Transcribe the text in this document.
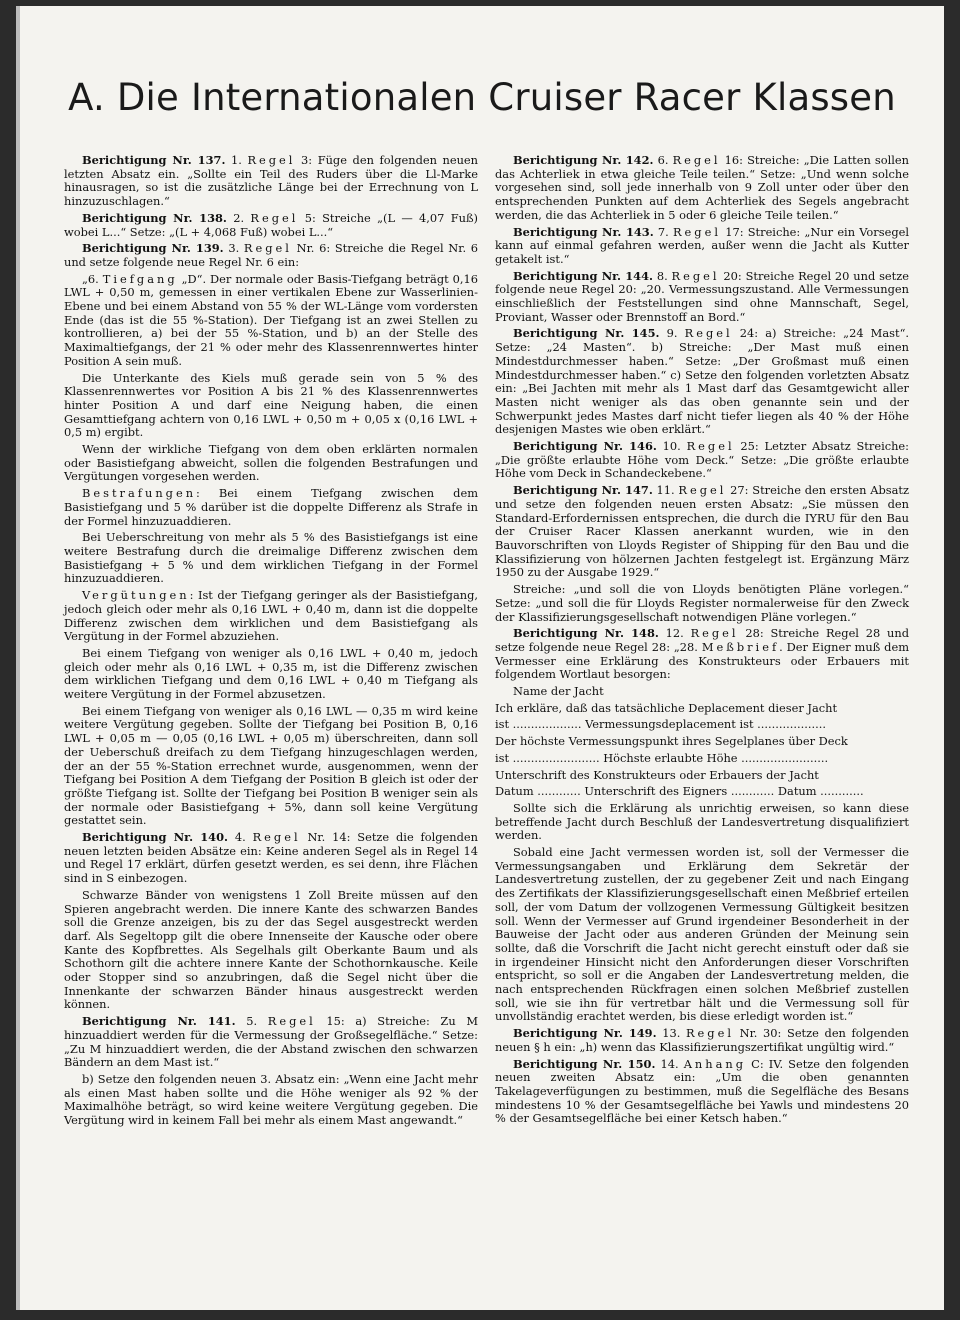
A. Die Internationalen Cruiser Racer Klassen

Berichtigung Nr. 137. 1. Regel 3: Füge den folgenden neuen letzten Absatz ein. „Sollte ein Teil des Ruders über die Ll-Marke hinausragen, so ist die zusätzliche Länge bei der Errechnung von L hinzuzuschlagen.“

Berichtigung Nr. 138. 2. Regel 5: Streiche „(L — 4,07 Fuß) wobei L...“ Setze: „(L + 4,068 Fuß) wobei L...“

Berichtigung Nr. 139. 3. Regel Nr. 6: Streiche die Regel Nr. 6 und setze folgende neue Regel Nr. 6 ein:

„6. Tiefgang „D“. Der normale oder Basis-Tiefgang beträgt 0,16 LWL + 0,50 m, gemessen in einer vertikalen Ebene zur Wasserlinien-Ebene und bei einem Abstand von 55 % der WL-Länge vom vordersten Ende (das ist die 55 %-Station). Der Tiefgang ist an zwei Stellen zu kontrollieren, a) bei der 55 %-Station, und b) an der Stelle des Maximaltiefgangs, der 21 % oder mehr des Klassenrennwertes hinter Position A sein muß.

Die Unterkante des Kiels muß gerade sein von 5 % des Klassenrennwertes vor Position A bis 21 % des Klassenrennwertes hinter Position A und darf eine Neigung haben, die einen Gesamttiefgang achtern von 0,16 LWL + 0,50 m + 0,05 x (0,16 LWL + 0,5 m) ergibt.

Wenn der wirkliche Tiefgang von dem oben erklärten normalen oder Basistiefgang abweicht, sollen die folgenden Bestrafungen und Vergütungen vorgesehen werden.

Bestrafungen: Bei einem Tiefgang zwischen dem Basistiefgang und 5 % darüber ist die doppelte Differenz als Strafe in der Formel hinzuzuaddieren.

Bei Ueberschreitung von mehr als 5 % des Basistiefgangs ist eine weitere Bestrafung durch die dreimalige Differenz zwischen dem Basistiefgang + 5 % und dem wirklichen Tiefgang in der Formel hinzuzuaddieren.

Vergütungen: Ist der Tiefgang geringer als der Basistiefgang, jedoch gleich oder mehr als 0,16 LWL + 0,40 m, dann ist die doppelte Differenz zwischen dem wirklichen und dem Basistiefgang als Vergütung in der Formel abzuziehen.

Bei einem Tiefgang von weniger als 0,16 LWL + 0,40 m, jedoch gleich oder mehr als 0,16 LWL + 0,35 m, ist die Differenz zwischen dem wirklichen Tiefgang und dem 0,16 LWL + 0,40 m Tiefgang als weitere Vergütung in der Formel abzusetzen.

Bei einem Tiefgang von weniger als 0,16 LWL — 0,35 m wird keine weitere Vergütung gegeben. Sollte der Tiefgang bei Position B, 0,16 LWL + 0,05 m — 0,05 (0,16 LWL + 0,05 m) überschreiten, dann soll der Ueberschuß dreifach zu dem Tiefgang hinzugeschlagen werden, der an der 55 %-Station errechnet wurde, ausgenommen, wenn der Tiefgang bei Position A dem Tiefgang der Position B gleich ist oder der größte Tiefgang ist. Sollte der Tiefgang bei Position B weniger sein als der normale oder Basistiefgang + 5%, dann soll keine Vergütung gestattet sein.

Berichtigung Nr. 140. 4. Regel Nr. 14: Setze die folgenden neuen letzten beiden Absätze ein: Keine anderen Segel als in Regel 14 und Regel 17 erklärt, dürfen gesetzt werden, es sei denn, ihre Flächen sind in S einbezogen.

Schwarze Bänder von wenigstens 1 Zoll Breite müssen auf den Spieren angebracht werden. Die innere Kante des schwarzen Bandes soll die Grenze anzeigen, bis zu der das Segel ausgestreckt werden darf. Als Segeltopp gilt die obere Innenseite der Kausche oder obere Kante des Kopfbrettes. Als Segelhals gilt Oberkante Baum und als Schothorn gilt die achtere innere Kante der Schothornkausche. Keile oder Stopper sind so anzubringen, daß die Segel nicht über die Innenkante der schwarzen Bänder hinaus ausgestreckt werden können.

Berichtigung Nr. 141. 5. Regel 15: a) Streiche: Zu M hinzuaddiert werden für die Vermessung der Großsegelfläche.“ Setze: „Zu M hinzuaddiert werden, die der Abstand zwischen den schwarzen Bändern an dem Mast ist.“

b) Setze den folgenden neuen 3. Absatz ein: „Wenn eine Jacht mehr als einen Mast haben sollte und die Höhe weniger als 92 % der Maximalhöhe beträgt, so wird keine weitere Vergütung gegeben. Die Vergütung wird in keinem Fall bei mehr als einem Mast angewandt.“

Berichtigung Nr. 142. 6. Regel 16: Streiche: „Die Latten sollen das Achterliek in etwa gleiche Teile teilen.“ Setze: „Und wenn solche vorgesehen sind, soll jede innerhalb von 9 Zoll unter oder über den entsprechenden Punkten auf dem Achterliek des Segels angebracht werden, die das Achterliek in 5 oder 6 gleiche Teile teilen.“

Berichtigung Nr. 143. 7. Regel 17: Streiche: „Nur ein Vorsegel kann auf einmal gefahren werden, außer wenn die Jacht als Kutter getakelt ist.“

Berichtigung Nr. 144. 8. Regel 20: Streiche Regel 20 und setze folgende neue Regel 20: „20. Vermessungszustand. Alle Vermessungen einschließlich der Feststellungen sind ohne Mannschaft, Segel, Proviant, Wasser oder Brennstoff an Bord.“

Berichtigung Nr. 145. 9. Regel 24: a) Streiche: „24 Mast“. Setze: „24 Masten“. b) Streiche: „Der Mast muß einen Mindestdurchmesser haben.“ Setze: „Der Großmast muß einen Mindestdurchmesser haben.“ c) Setze den folgenden vorletzten Absatz ein: „Bei Jachten mit mehr als 1 Mast darf das Gesamtgewicht aller Masten nicht weniger als das oben genannte sein und der Schwerpunkt jedes Mastes darf nicht tiefer liegen als 40 % der Höhe desjenigen Mastes wie oben erklärt.“

Berichtigung Nr. 146. 10. Regel 25: Letzter Absatz Streiche: „Die größte erlaubte Höhe vom Deck.“ Setze: „Die größte erlaubte Höhe vom Deck in Schandeckebene.“

Berichtigung Nr. 147. 11. Regel 27: Streiche den ersten Absatz und setze den folgenden neuen ersten Absatz: „Sie müssen den Standard-Erfordernissen entsprechen, die durch die IYRU für den Bau der Cruiser Racer Klassen anerkannt wurden, wie in den Bauvorschriften von Lloyds Register of Shipping für den Bau und die Klassifizierung von hölzernen Jachten festgelegt ist. Ergänzung März 1950 zu der Ausgabe 1929.“

Streiche: „und soll die von Lloyds benötigten Pläne vorlegen.“ Setze: „und soll die für Lloyds Register normalerweise für den Zweck der Klassifizierungsgesellschaft notwendigen Pläne vorlegen.“

Berichtigung Nr. 148. 12. Regel 28: Streiche Regel 28 und setze folgende neue Regel 28: „28. Meßbrief. Der Eigner muß dem Vermesser eine Erklärung des Konstrukteurs oder Erbauers mit folgendem Wortlaut besorgen:

Name der Jacht

Ich erkläre, daß das tatsächliche Deplacement dieser Jacht

ist ................... Vermessungsdeplacement ist ...................

Der höchste Vermessungspunkt ihres Segelplanes über Deck

ist ........................ Höchste erlaubte Höhe ........................

Unterschrift des Konstrukteurs oder Erbauers der Jacht

Datum ............ Unterschrift des Eigners ............ Datum ............

Sollte sich die Erklärung als unrichtig erweisen, so kann diese betreffende Jacht durch Beschluß der Landesvertretung disqualifiziert werden.

Sobald eine Jacht vermessen worden ist, soll der Vermesser die Vermessungsangaben und Erklärung dem Sekretär der Landesvertretung zustellen, der zu gegebener Zeit und nach Eingang des Zertifikats der Klassifizierungsgesellschaft einen Meßbrief erteilen soll, der vom Datum der vollzogenen Vermessung Gültigkeit besitzen soll. Wenn der Vermesser auf Grund irgendeiner Besonderheit in der Bauweise der Jacht oder aus anderen Gründen der Meinung sein sollte, daß die Vorschrift die Jacht nicht gerecht einstuft oder daß sie in irgendeiner Hinsicht nicht den Anforderungen dieser Vorschriften entspricht, so soll er die Angaben der Landesvertretung melden, die nach entsprechenden Rückfragen einen solchen Meßbrief zustellen soll, wie sie ihn für vertretbar hält und die Vermessung soll für unvollständig erachtet werden, bis diese erledigt worden ist.“

Berichtigung Nr. 149. 13. Regel Nr. 30: Setze den folgenden neuen § h ein: „h) wenn das Klassifizierungszertifikat ungültig wird.“

Berichtigung Nr. 150. 14. Anhang C: IV. Setze den folgenden neuen zweiten Absatz ein: „Um die oben genannten Takelageverfügungen zu bestimmen, muß die Segelfläche des Besans mindestens 10 % der Gesamtsegelfläche bei Yawls und mindestens 20 % der Gesamtsegelfläche bei einer Ketsch haben.“
